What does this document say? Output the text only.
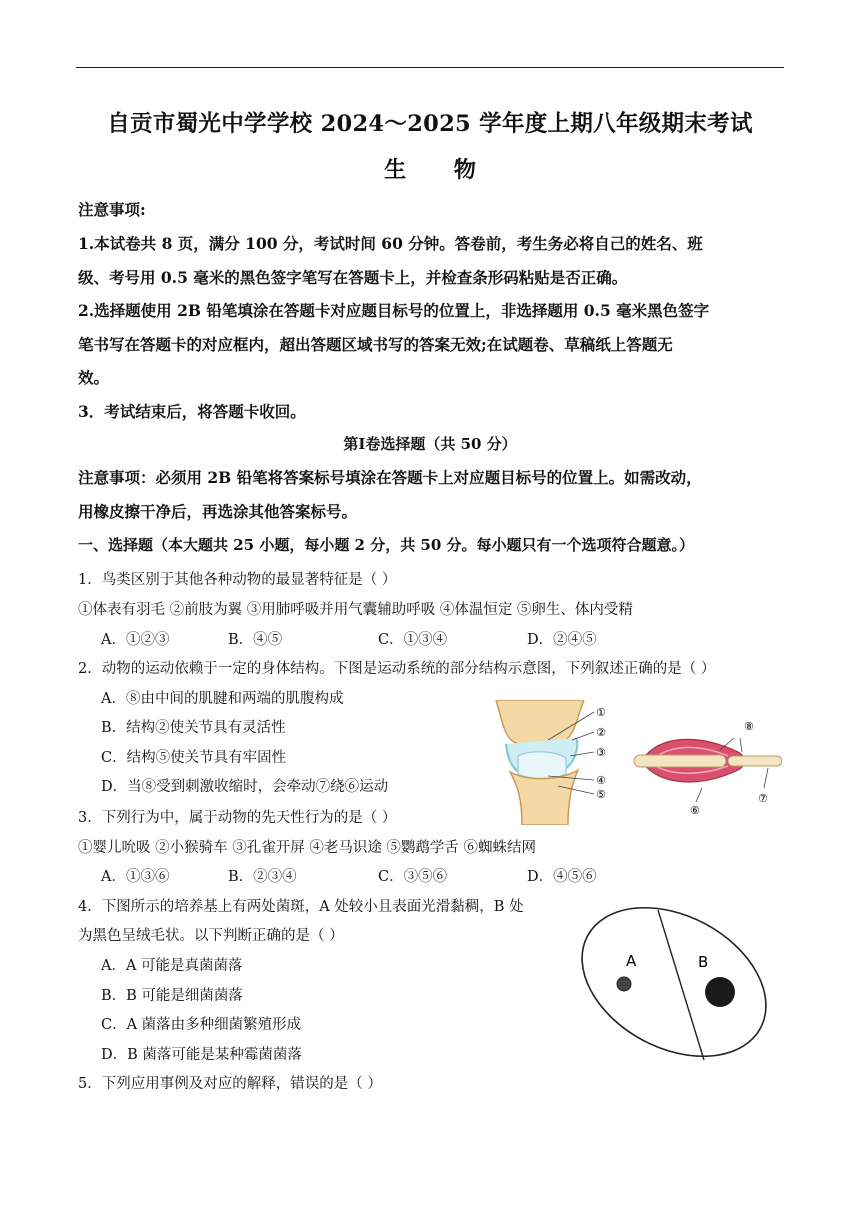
自贡市蜀光中学学校 2024～2025 学年度上期八年级期末考试
生 物
注意事项:
1.本试卷共 8 页，满分 100 分，考试时间 60 分钟。答卷前，考生务必将自己的姓名、班
级、考号用 0.5 毫米的黑色签字笔写在答题卡上，并检查条形码粘贴是否正确。
2.选择题使用 2B 铅笔填涂在答题卡对应题目标号的位置上，非选择题用 0.5 毫米黑色签字
笔书写在答题卡的对应框内，超出答题区域书写的答案无效;在试题卷、草稿纸上答题无
效。
3．考试结束后，将答题卡收回。
第Ⅰ卷选择题（共 50 分）
注意事项：必须用 2B 铅笔将答案标号填涂在答题卡上对应题目标号的位置上。如需改动，
用橡皮擦干净后，再选涂其他答案标号。
一、选择题（本大题共 25 小题，每小题 2 分，共 50 分。每小题只有一个选项符合题意。）
1．鸟类区别于其他各种动物的最显著特征是（ ）
①体表有羽毛 ②前肢为翼 ③用肺呼吸并用气囊辅助呼吸 ④体温恒定 ⑤卵生、体内受精
A．①②③	B．④⑤	C．①③④	D．②④⑤
2．动物的运动依赖于一定的身体结构。下图是运动系统的部分结构示意图，下列叙述正确的是（ ）
A．⑧由中间的肌腱和两端的肌腹构成
B．结构②使关节具有灵活性
C．结构⑤使关节具有牢固性
D．当⑧受到刺激收缩时，会牵动⑦绕⑥运动
①
②
③
④
⑤
⑧
⑥
⑦
3．下列行为中，属于动物的先天性行为的是（ ）
①婴儿吮吸 ②小猴骑车 ③孔雀开屏 ④老马识途 ⑤鹦鹉学舌 ⑥蜘蛛结网
A．①③⑥	B．②③④	C．③⑤⑥	D．④⑤⑥
4．下图所示的培养基上有两处菌斑，A 处较小且表面光滑黏稠，B 处
为黑色呈绒毛状。以下判断正确的是（ ）
A．A 可能是真菌菌落
B．B 可能是细菌菌落
C．A 菌落由多种细菌繁殖形成
D．B 菌落可能是某种霉菌菌落
A	B
5．下列应用事例及对应的解释，错误的是（ ）
